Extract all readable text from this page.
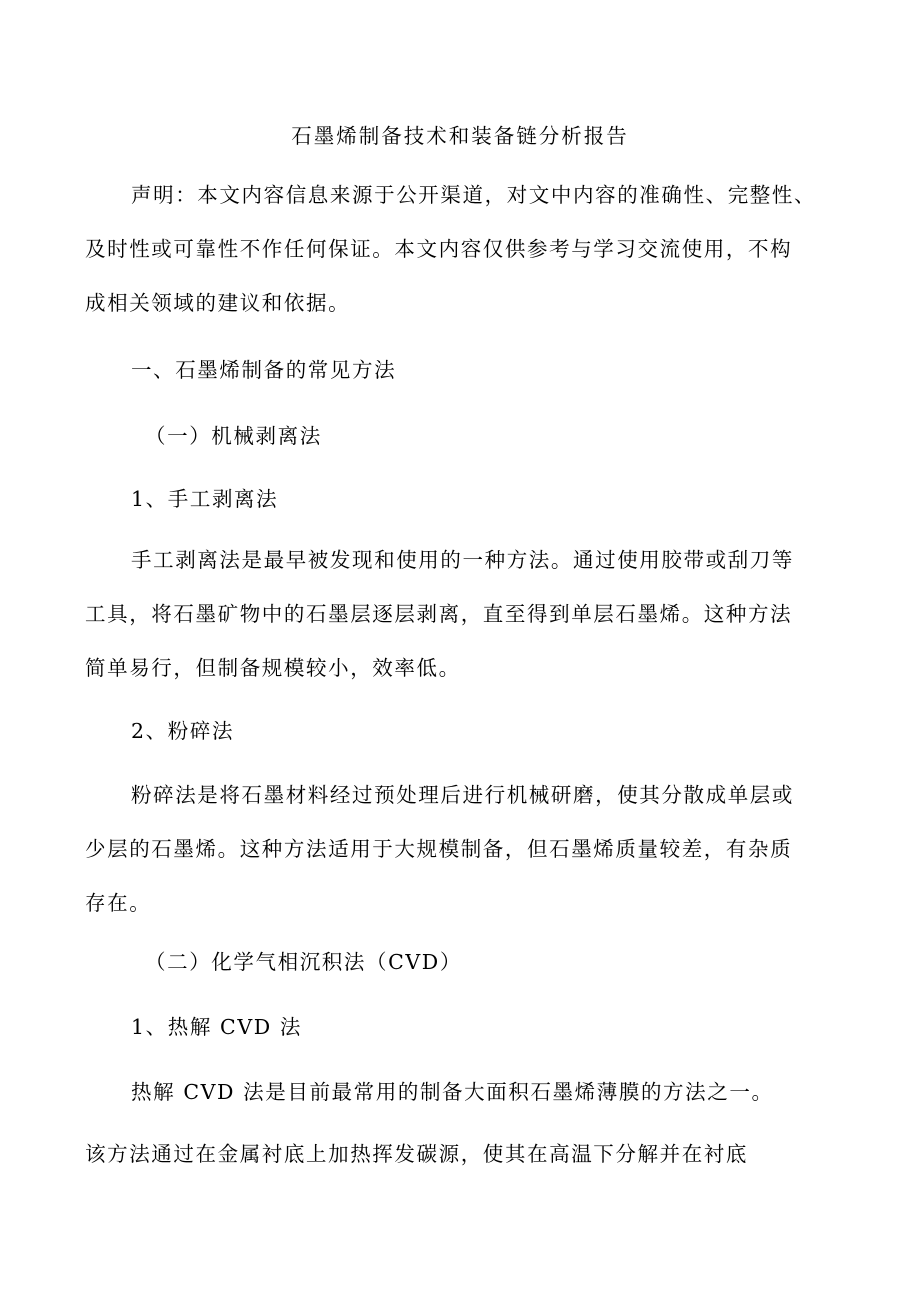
石墨烯制备技术和装备链分析报告
声明：本文内容信息来源于公开渠道，对文中内容的准确性、完整性、
及时性或可靠性不作任何保证。本文内容仅供参考与学习交流使用，不构
成相关领域的建议和依据。
一、石墨烯制备的常见方法
（一）机械剥离法
1、手工剥离法
手工剥离法是最早被发现和使用的一种方法。通过使用胶带或刮刀等
工具，将石墨矿物中的石墨层逐层剥离，直至得到单层石墨烯。这种方法
简单易行，但制备规模较小，效率低。
2、粉碎法
粉碎法是将石墨材料经过预处理后进行机械研磨，使其分散成单层或
少层的石墨烯。这种方法适用于大规模制备，但石墨烯质量较差，有杂质
存在。
（二）化学气相沉积法（CVD）
1、热解 CVD 法
热解 CVD 法是目前最常用的制备大面积石墨烯薄膜的方法之一。
该方法通过在金属衬底上加热挥发碳源，使其在高温下分解并在衬底
